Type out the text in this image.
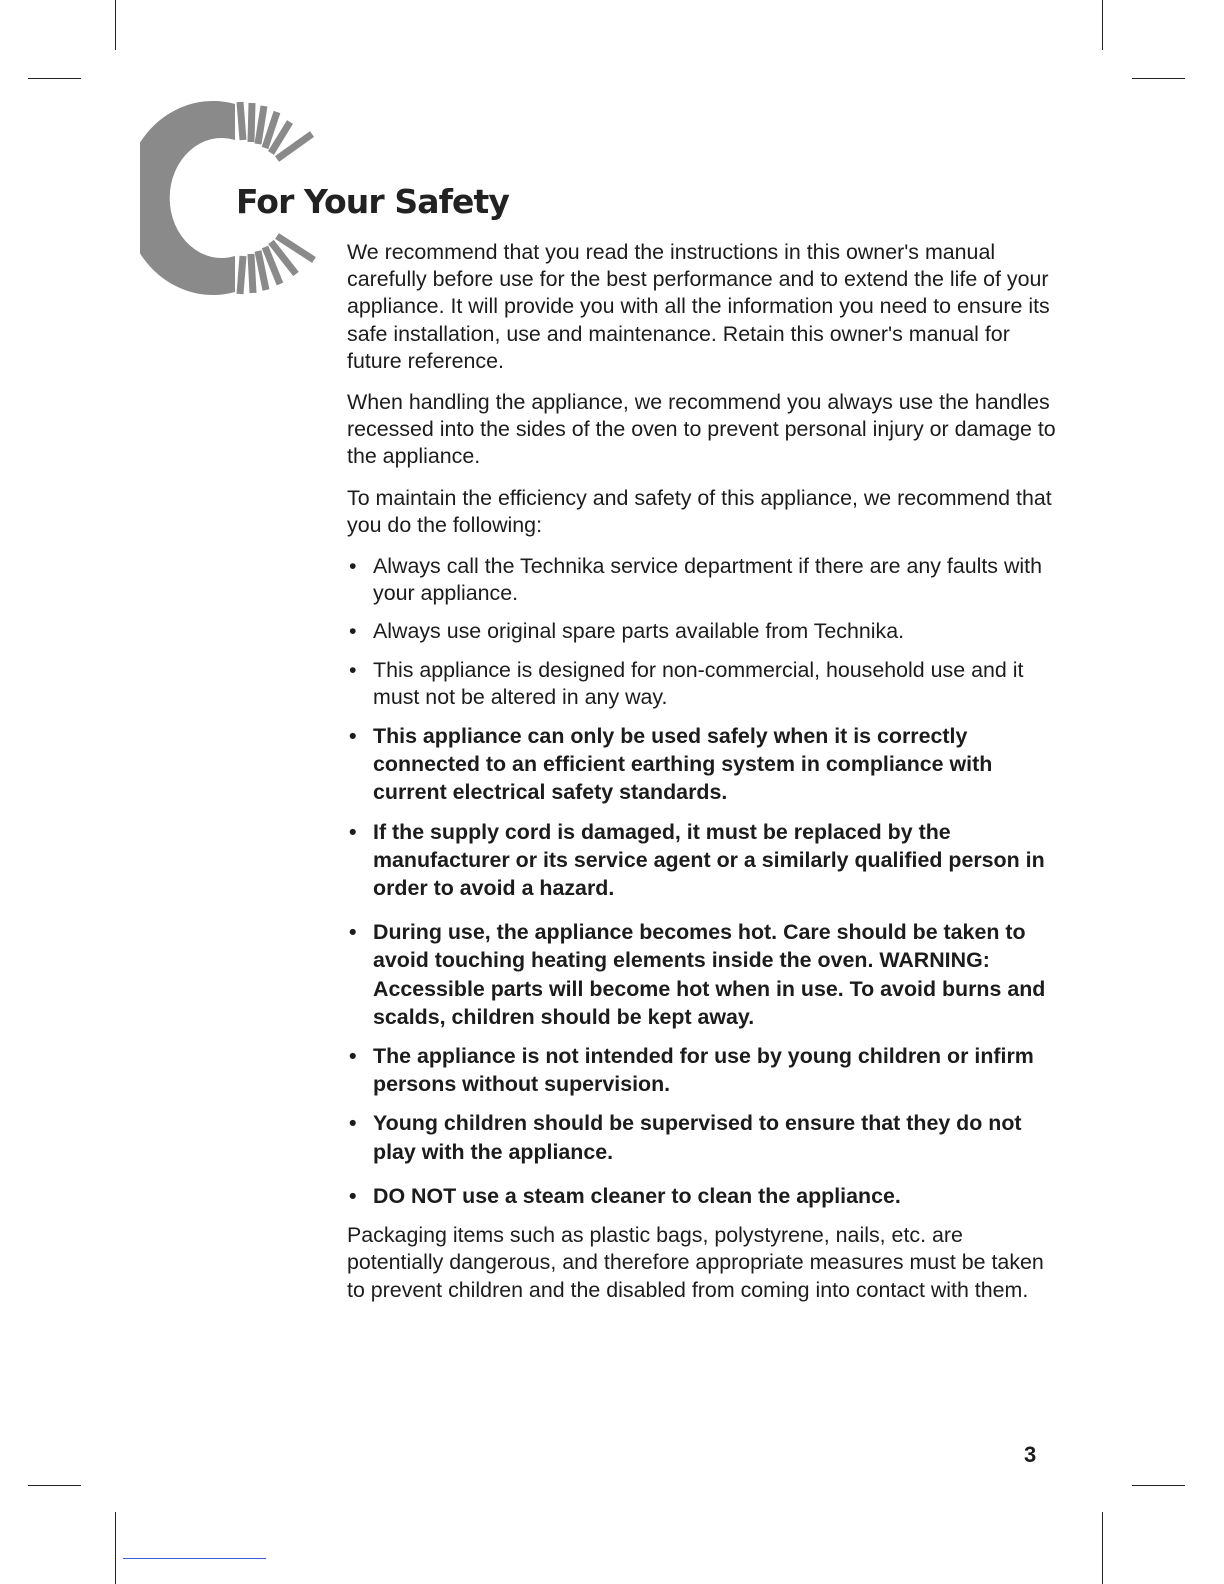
For Your Safety

We recommend that you read the instructions in this owner's manual carefully before use for the best performance and to extend the life of your appliance. It will provide you with all the information you need to ensure its safe installation, use and maintenance. Retain this owner's manual for future reference.

When handling the appliance, we recommend you always use the handles recessed into the sides of the oven to prevent personal injury or damage to the appliance.

To maintain the efficiency and safety of this appliance, we recommend that you do the following:

• Always call the Technika service department if there are any faults with your appliance.
• Always use original spare parts available from Technika.
• This appliance is designed for non-commercial, household use and it must not be altered in any way.
• This appliance can only be used safely when it is correctly connected to an efficient earthing system in compliance with current electrical safety standards.
• If the supply cord is damaged, it must be replaced by the manufacturer or its service agent or a similarly qualified person in order to avoid a hazard.
• During use, the appliance becomes hot. Care should be taken to avoid touching heating elements inside the oven. WARNING: Accessible parts will become hot when in use. To avoid burns and scalds, children should be kept away.
• The appliance is not intended for use by young children or infirm persons without supervision.
• Young children should be supervised to ensure that they do not play with the appliance.
• DO NOT use a steam cleaner to clean the appliance.

Packaging items such as plastic bags, polystyrene, nails, etc. are potentially dangerous, and therefore appropriate measures must be taken to prevent children and the disabled from coming into contact with them.

3
